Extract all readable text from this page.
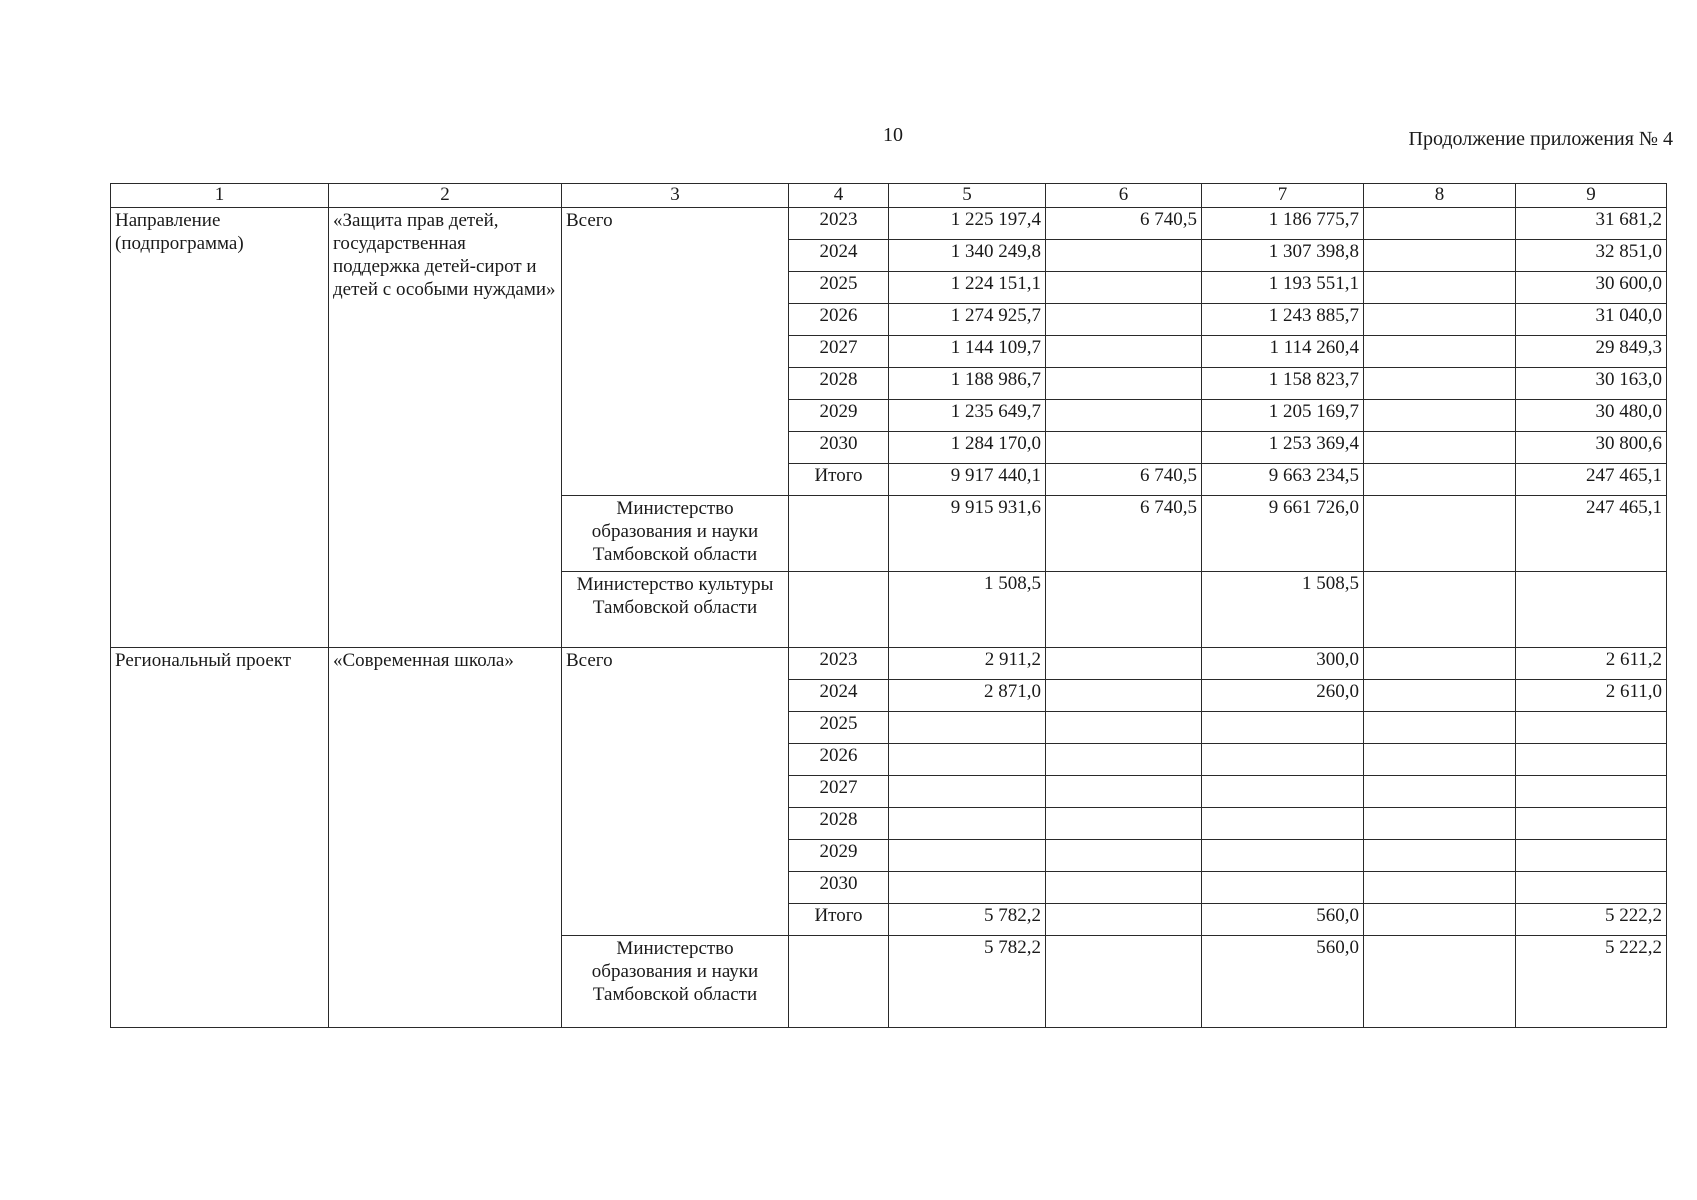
10	Продолжение приложения № 4
1	2	3	4	5	6	7	8	9
Направление (подпрограмма)	«Защита прав детей, государственная поддержка детей-сирот и детей с особыми нуждами»	Всего	2023	1 225 197,4	6 740,5	1 186 775,7		31 681,2
			2024	1 340 249,8		1 307 398,8		32 851,0
			2025	1 224 151,1		1 193 551,1		30 600,0
			2026	1 274 925,7		1 243 885,7		31 040,0
			2027	1 144 109,7		1 114 260,4		29 849,3
			2028	1 188 986,7		1 158 823,7		30 163,0
			2029	1 235 649,7		1 205 169,7		30 480,0
			2030	1 284 170,0		1 253 369,4		30 800,6
			Итого	9 917 440,1	6 740,5	9 663 234,5		247 465,1
		Министерство образования и науки Тамбовской области		9 915 931,6	6 740,5	9 661 726,0		247 465,1
		Министерство культуры Тамбовской области		1 508,5		1 508,5		
Региональный проект	«Современная школа»	Всего	2023	2 911,2		300,0		2 611,2
			2024	2 871,0		260,0		2 611,0
			2025					
			2026					
			2027					
			2028					
			2029					
			2030					
			Итого	5 782,2		560,0		5 222,2
		Министерство образования и науки Тамбовской области		5 782,2		560,0		5 222,2
